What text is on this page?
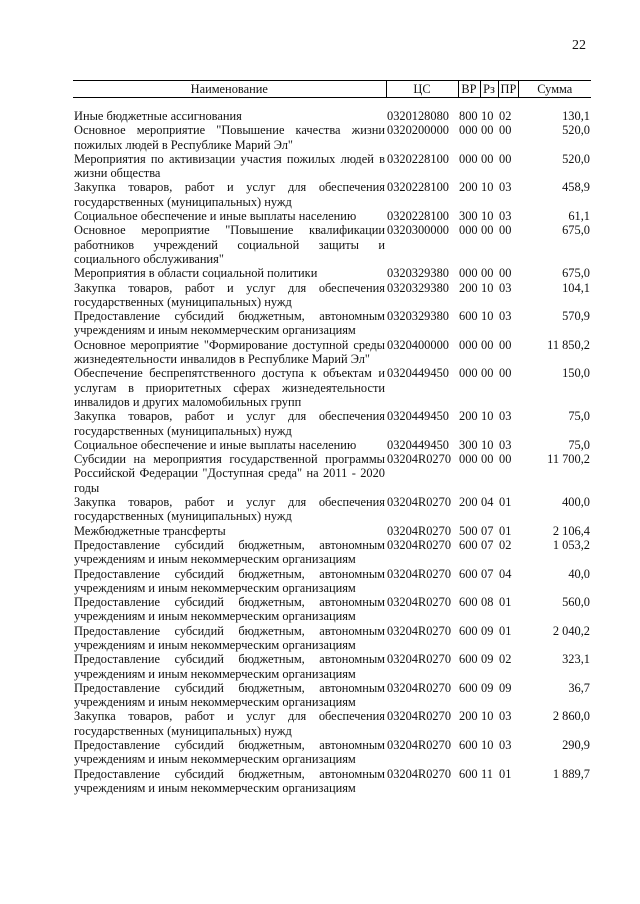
22
Наименование	ЦС	ВР	Рз	ПР	Сумма

Иные бюджетные ассигнования	0320128080	800	10	02	130,1
Основное мероприятие "Повышение качества жизни пожилых людей в Республике Марий Эл"	0320200000	000	00	00	520,0
Мероприятия по активизации участия пожилых людей в жизни общества	0320228100	000	00	00	520,0
Закупка товаров, работ и услуг для обеспечения государственных (муниципальных) нужд	0320228100	200	10	03	458,9
Социальное обеспечение и иные выплаты населению	0320228100	300	10	03	61,1
Основное мероприятие "Повышение квалификации работников учреждений социальной защиты и социального обслуживания"	0320300000	000	00	00	675,0
Мероприятия в области социальной политики	0320329380	000	00	00	675,0
Закупка товаров, работ и услуг для обеспечения государственных (муниципальных) нужд	0320329380	200	10	03	104,1
Предоставление субсидий бюджетным, автономным учреждениям и иным некоммерческим организациям	0320329380	600	10	03	570,9
Основное мероприятие "Формирование доступной среды жизнедеятельности инвалидов в Республике Марий Эл"	0320400000	000	00	00	11 850,2
Обеспечение беспрепятственного доступа к объектам и услугам в приоритетных сферах жизнедеятельности инвалидов и других маломобильных групп	0320449450	000	00	00	150,0
Закупка товаров, работ и услуг для обеспечения государственных (муниципальных) нужд	0320449450	200	10	03	75,0
Социальное обеспечение и иные выплаты населению	0320449450	300	10	03	75,0
Субсидии на мероприятия государственной программы Российской Федерации "Доступная среда" на 2011 - 2020 годы	03204R0270	000	00	00	11 700,2
Закупка товаров, работ и услуг для обеспечения государственных (муниципальных) нужд	03204R0270	200	04	01	400,0
Межбюджетные трансферты	03204R0270	500	07	01	2 106,4
Предоставление субсидий бюджетным, автономным учреждениям и иным некоммерческим организациям	03204R0270	600	07	02	1 053,2
Предоставление субсидий бюджетным, автономным учреждениям и иным некоммерческим организациям	03204R0270	600	07	04	40,0
Предоставление субсидий бюджетным, автономным учреждениям и иным некоммерческим организациям	03204R0270	600	08	01	560,0
Предоставление субсидий бюджетным, автономным учреждениям и иным некоммерческим организациям	03204R0270	600	09	01	2 040,2
Предоставление субсидий бюджетным, автономным учреждениям и иным некоммерческим организациям	03204R0270	600	09	02	323,1
Предоставление субсидий бюджетным, автономным учреждениям и иным некоммерческим организациям	03204R0270	600	09	09	36,7
Закупка товаров, работ и услуг для обеспечения государственных (муниципальных) нужд	03204R0270	200	10	03	2 860,0
Предоставление субсидий бюджетным, автономным учреждениям и иным некоммерческим организациям	03204R0270	600	10	03	290,9
Предоставление субсидий бюджетным, автономным учреждениям и иным некоммерческим организациям	03204R0270	600	11	01	1 889,7
